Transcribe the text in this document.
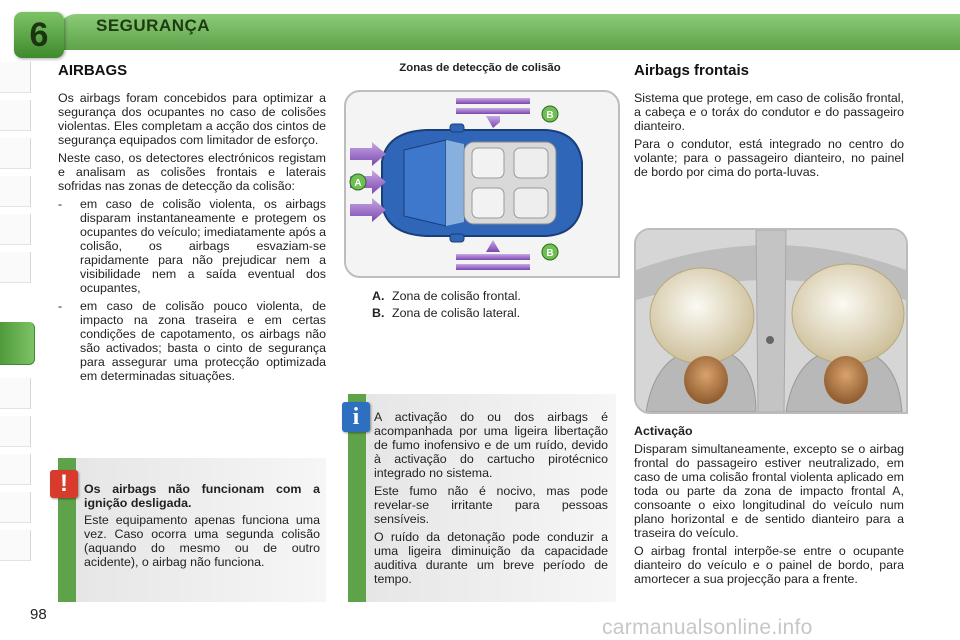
6	SEGURANÇA
AIRBAGS

Os airbags foram concebidos para optimizar a segurança dos ocupantes no caso de colisões violentas. Eles completam a acção dos cintos de segurança equipados com limitador de esforço.

Neste caso, os detectores electrónicos registam e analisam as colisões frontais e laterais sofridas nas zonas de detecção da colisão:

- em caso de colisão violenta, os airbags disparam instantaneamente e protegem os ocupantes do veículo; imediatamente após a colisão, os airbags esvaziam-se rapidamente para não prejudicar nem a visibilidade nem a saída eventual dos ocupantes,
- em caso de colisão pouco violenta, de impacto na zona traseira e em certas condições de capotamento, os airbags não são activados; basta o cinto de segurança para assegurar uma protecção optimizada em determinadas situações.
Os airbags não funcionam com a ignição desligada.

Este equipamento apenas funciona uma vez. Caso ocorra uma segunda colisão (aquando do mesmo ou de outro acidente), o airbag não funciona.

!
Zonas de detecção de colisão
A
B
B
A. Zona de colisão frontal.
B. Zona de colisão lateral.

A activação do ou dos airbags é acompanhada por uma ligeira libertação de fumo inofensivo e de um ruído, devido à activação do cartucho pirotécnico integrado no sistema.

Este fumo não é nocivo, mas pode revelar-se irritante para pessoas sensíveis.

O ruído da detonação pode conduzir a uma ligeira diminuição da capacidade auditiva durante um breve período de tempo.

i
Airbags frontais

Sistema que protege, em caso de colisão frontal, a cabeça e o toráx do condutor e do passageiro dianteiro.

Para o condutor, está integrado no centro do volante; para o passageiro dianteiro, no painel de bordo por cima do porta-luvas.

Activação

Disparam simultaneamente, excepto se o airbag frontal do passageiro estiver neutralizado, em caso de uma colisão frontal violenta aplicado em toda ou parte da zona de impacto frontal A, consoante o eixo longitudinal do veículo num plano horizontal e de sentido dianteiro para a traseira do veículo.

O airbag frontal interpõe-se entre o ocupante dianteiro do veículo e o painel de bordo, para amortecer a sua projecção para a frente.

98
carmanualsonline.info
